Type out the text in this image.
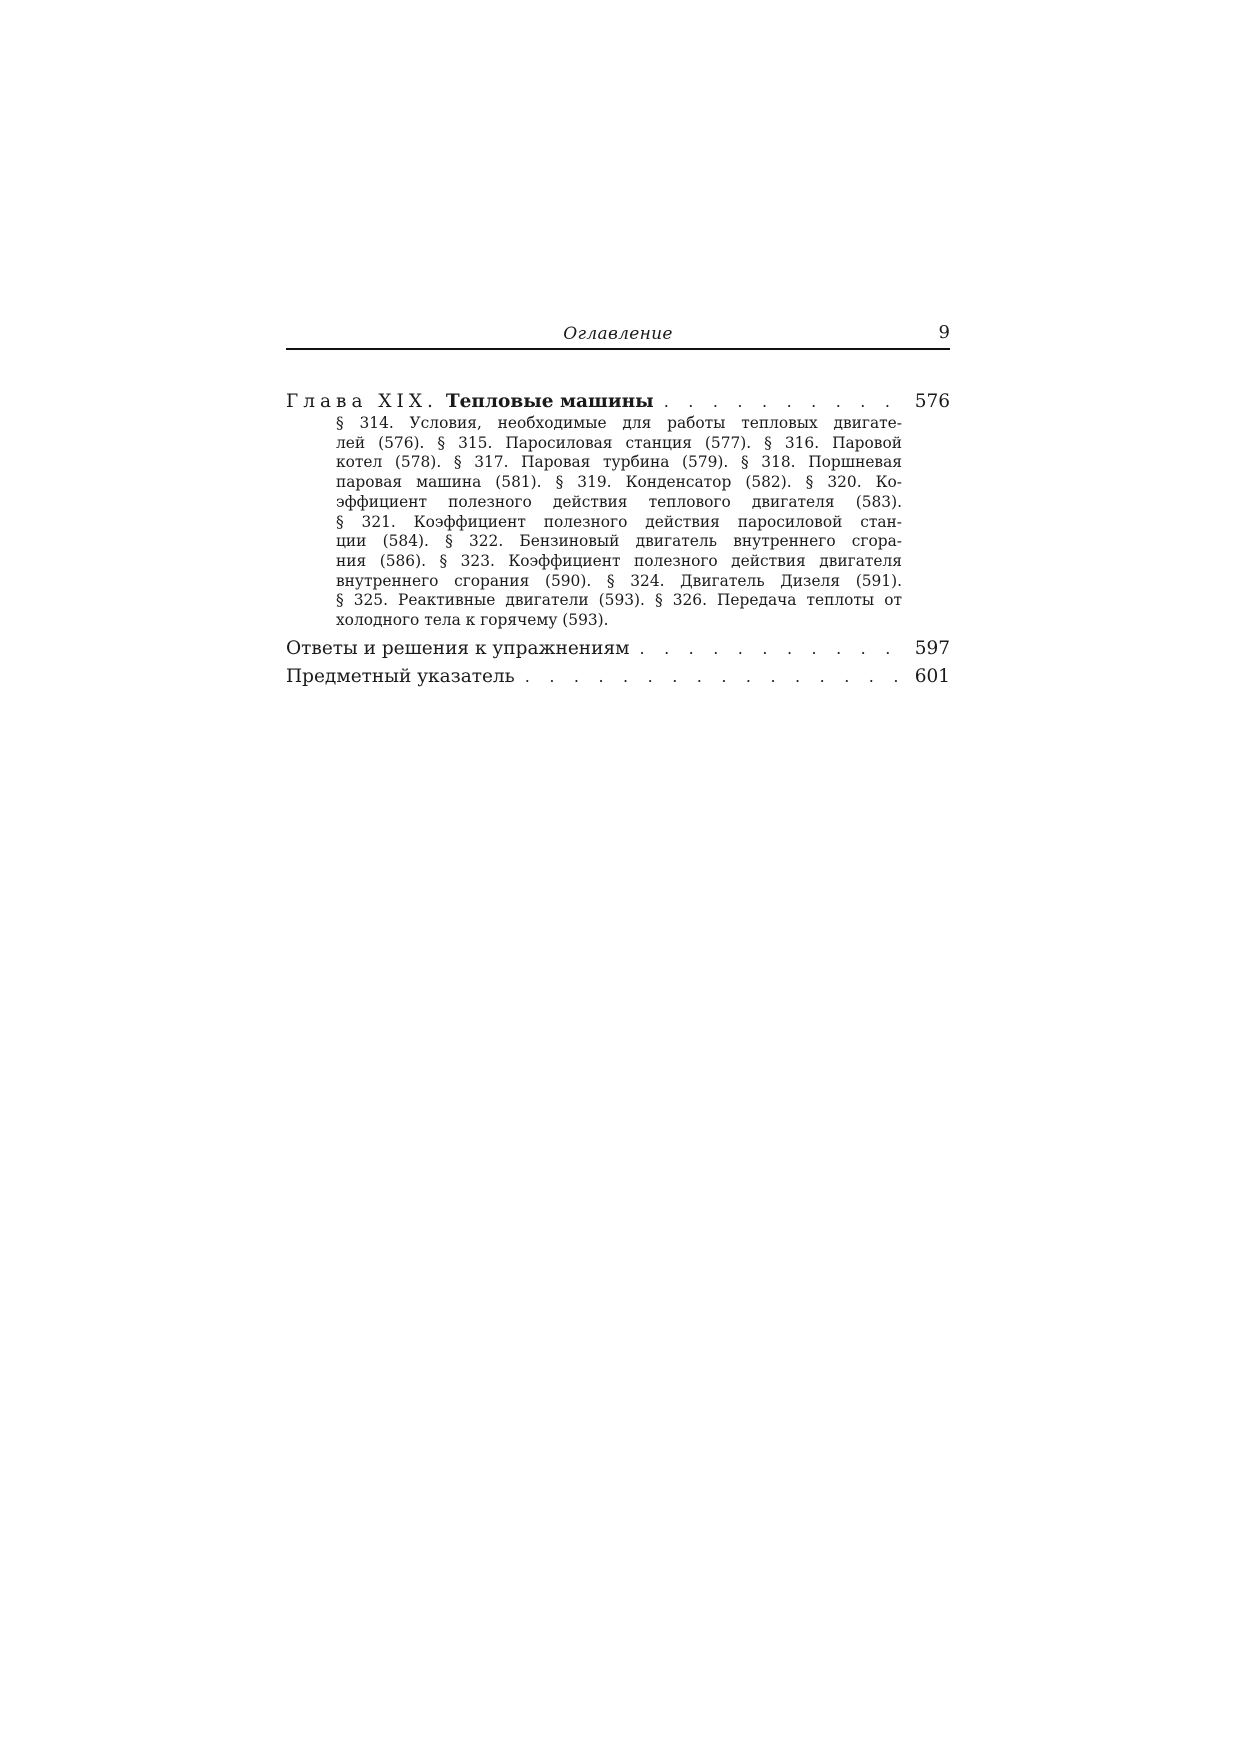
Оглавление	9
Глава XIX. Тепловые машины . . .	576
§ 314. Условия, необходимые для работы тепловых двигате-
лей (576). § 315. Паросиловая станция (577). § 316. Паровой
котел (578). § 317. Паровая турбина (579). § 318. Поршневая
паровая машина (581). § 319. Конденсатор (582). § 320. Ко-
эффициент полезного действия теплового двигателя (583).
§ 321. Коэффициент полезного действия паросиловой стан-
ции (584). § 322. Бензиновый двигатель внутреннего сгора-
ния (586). § 323. Коэффициент полезного действия двигателя
внутреннего сгорания (590). § 324. Двигатель Дизеля (591).
§ 325. Реактивные двигатели (593). § 326. Передача теплоты от
холодного тела к горячему (593).
Ответы и решения к упражнениям . . .	597
Предметный указатель . . .	601
